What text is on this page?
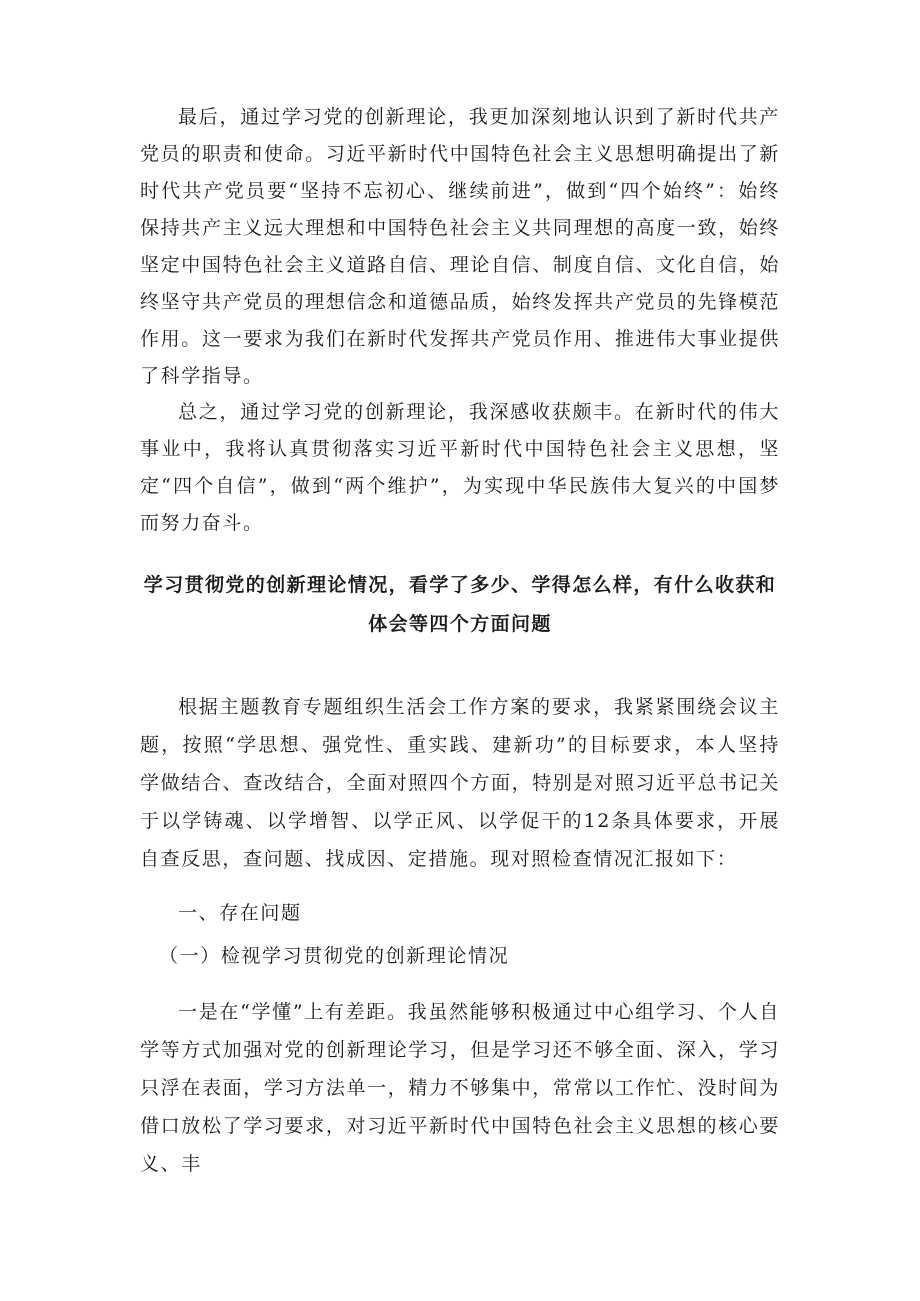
最后，通过学习党的创新理论，我更加深刻地认识到了新时代共产党员的职责和使命。习近平新时代中国特色社会主义思想明确提出了新时代共产党员要“坚持不忘初心、继续前进”，做到“四个始终”：始终保持共产主义远大理想和中国特色社会主义共同理想的高度一致，始终坚定中国特色社会主义道路自信、理论自信、制度自信、文化自信，始终坚守共产党员的理想信念和道德品质，始终发挥共产党员的先锋模范作用。这一要求为我们在新时代发挥共产党员作用、推进伟大事业提供了科学指导。

总之，通过学习党的创新理论，我深感收获颇丰。在新时代的伟大事业中，我将认真贯彻落实习近平新时代中国特色社会主义思想，坚定“四个自信”，做到“两个维护”，为实现中华民族伟大复兴的中国梦而努力奋斗。

学习贯彻党的创新理论情况，看学了多少、学得怎么样，有什么收获和体会等四个方面问题

根据主题教育专题组织生活会工作方案的要求，我紧紧围绕会议主题，按照“学思想、强党性、重实践、建新功”的目标要求，本人坚持学做结合、查改结合，全面对照四个方面，特别是对照习近平总书记关于以学铸魂、以学增智、以学正风、以学促干的12条具体要求，开展自查反思，查问题、找成因、定措施。现对照检查情况汇报如下：

一、存在问题

（一）检视学习贯彻党的创新理论情况

一是在“学懂”上有差距。我虽然能够积极通过中心组学习、个人自学等方式加强对党的创新理论学习，但是学习还不够全面、深入，学习只浮在表面，学习方法单一，精力不够集中，常常以工作忙、没时间为借口放松了学习要求，对习近平新时代中国特色社会主义思想的核心要义、丰
